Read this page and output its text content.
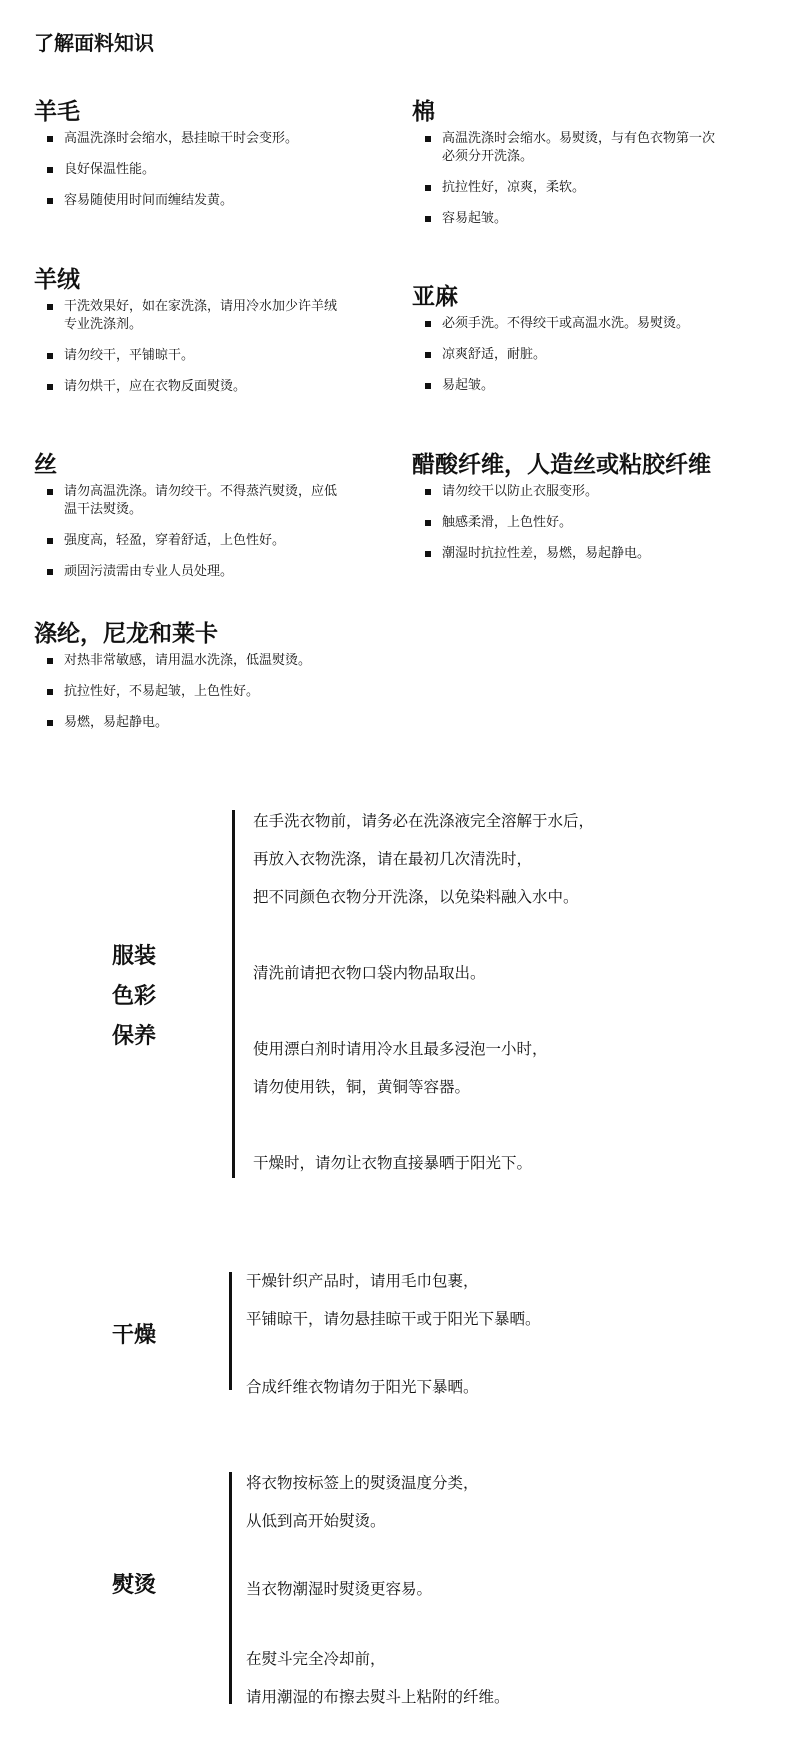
了解面料知识
羊毛
高温洗涤时会缩水，悬挂晾干时会变形。
良好保温性能。
容易随使用时间而缠结发黄。
棉
高温洗涤时会缩水。易熨烫，与有色衣物第一次必须分开洗涤。
抗拉性好，凉爽，柔软。
容易起皱。
羊绒
干洗效果好，如在家洗涤，请用冷水加少许羊绒专业洗涤剂。
请勿绞干，平铺晾干。
请勿烘干，应在衣物反面熨烫。
亚麻
必须手洗。不得绞干或高温水洗。易熨烫。
凉爽舒适，耐脏。
易起皱。
丝
请勿高温洗涤。请勿绞干。不得蒸汽熨烫，应低温干法熨烫。
强度高，轻盈，穿着舒适，上色性好。
顽固污渍需由专业人员处理。
醋酸纤维，人造丝或粘胶纤维
请勿绞干以防止衣服变形。
触感柔滑，上色性好。
潮湿时抗拉性差，易燃，易起静电。
涤纶，尼龙和莱卡
对热非常敏感，请用温水洗涤，低温熨烫。
抗拉性好，不易起皱，上色性好。
易燃，易起静电。
服装
色彩
保养
在手洗衣物前，请务必在洗涤液完全溶解于水后，
再放入衣物洗涤，请在最初几次清洗时，
把不同颜色衣物分开洗涤，以免染料融入水中。
清洗前请把衣物口袋内物品取出。
使用漂白剂时请用冷水且最多浸泡一小时，
请勿使用铁，铜，黄铜等容器。
干燥时，请勿让衣物直接暴晒于阳光下。
干燥
干燥针织产品时，请用毛巾包裹，
平铺晾干，请勿悬挂晾干或于阳光下暴晒。
合成纤维衣物请勿于阳光下暴晒。
熨烫
将衣物按标签上的熨烫温度分类，
从低到高开始熨烫。
当衣物潮湿时熨烫更容易。
在熨斗完全冷却前，
请用潮湿的布擦去熨斗上粘附的纤维。
